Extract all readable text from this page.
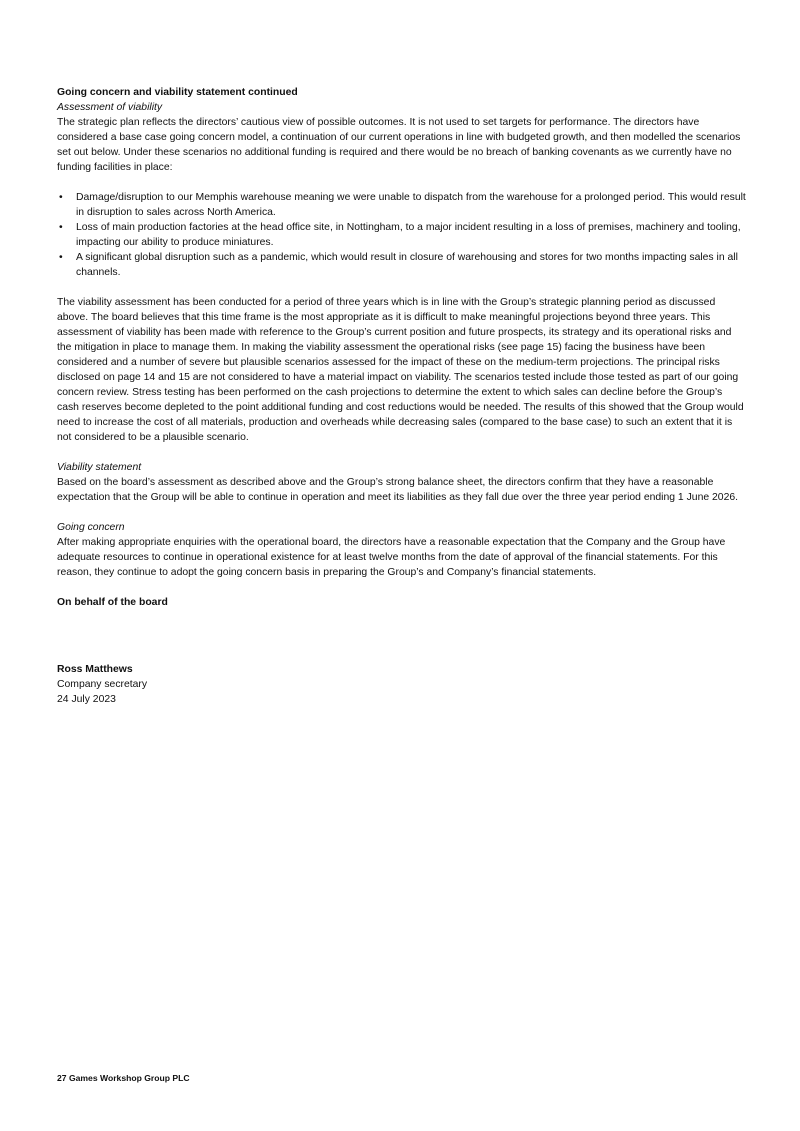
Going concern and viability statement continued

Assessment of viability

The strategic plan reflects the directors’ cautious view of possible outcomes. It is not used to set targets for performance. The directors have considered a base case going concern model, a continuation of our current operations in line with budgeted growth, and then modelled the scenarios set out below. Under these scenarios no additional funding is required and there would be no breach of banking covenants as we currently have no funding facilities in place:

• Damage/disruption to our Memphis warehouse meaning we were unable to dispatch from the warehouse for a prolonged period. This would result in disruption to sales across North America.
• Loss of main production factories at the head office site, in Nottingham, to a major incident resulting in a loss of premises, machinery and tooling, impacting our ability to produce miniatures.
• A significant global disruption such as a pandemic, which would result in closure of warehousing and stores for two months impacting sales in all channels.

The viability assessment has been conducted for a period of three years which is in line with the Group’s strategic planning period as discussed above. The board believes that this time frame is the most appropriate as it is difficult to make meaningful projections beyond three years. This assessment of viability has been made with reference to the Group’s current position and future prospects, its strategy and its operational risks and the mitigation in place to manage them. In making the viability assessment the operational risks (see page 15) facing the business have been considered and a number of severe but plausible scenarios assessed for the impact of these on the medium-term projections. The principal risks disclosed on page 14 and 15 are not considered to have a material impact on viability. The scenarios tested include those tested as part of our going concern review. Stress testing has been performed on the cash projections to determine the extent to which sales can decline before the Group’s cash reserves become depleted to the point additional funding and cost reductions would be needed. The results of this showed that the Group would need to increase the cost of all materials, production and overheads while decreasing sales (compared to the base case) to such an extent that it is not considered to be a plausible scenario.

Viability statement

Based on the board’s assessment as described above and the Group’s strong balance sheet, the directors confirm that they have a reasonable expectation that the Group will be able to continue in operation and meet its liabilities as they fall due over the three year period ending 1 June 2026.

Going concern

After making appropriate enquiries with the operational board, the directors have a reasonable expectation that the Company and the Group have adequate resources to continue in operational existence for at least twelve months from the date of approval of the financial statements. For this reason, they continue to adopt the going concern basis in preparing the Group’s and Company’s financial statements.

On behalf of the board

Ross Matthews

Company secretary

24 July 2023

27 Games Workshop Group PLC
